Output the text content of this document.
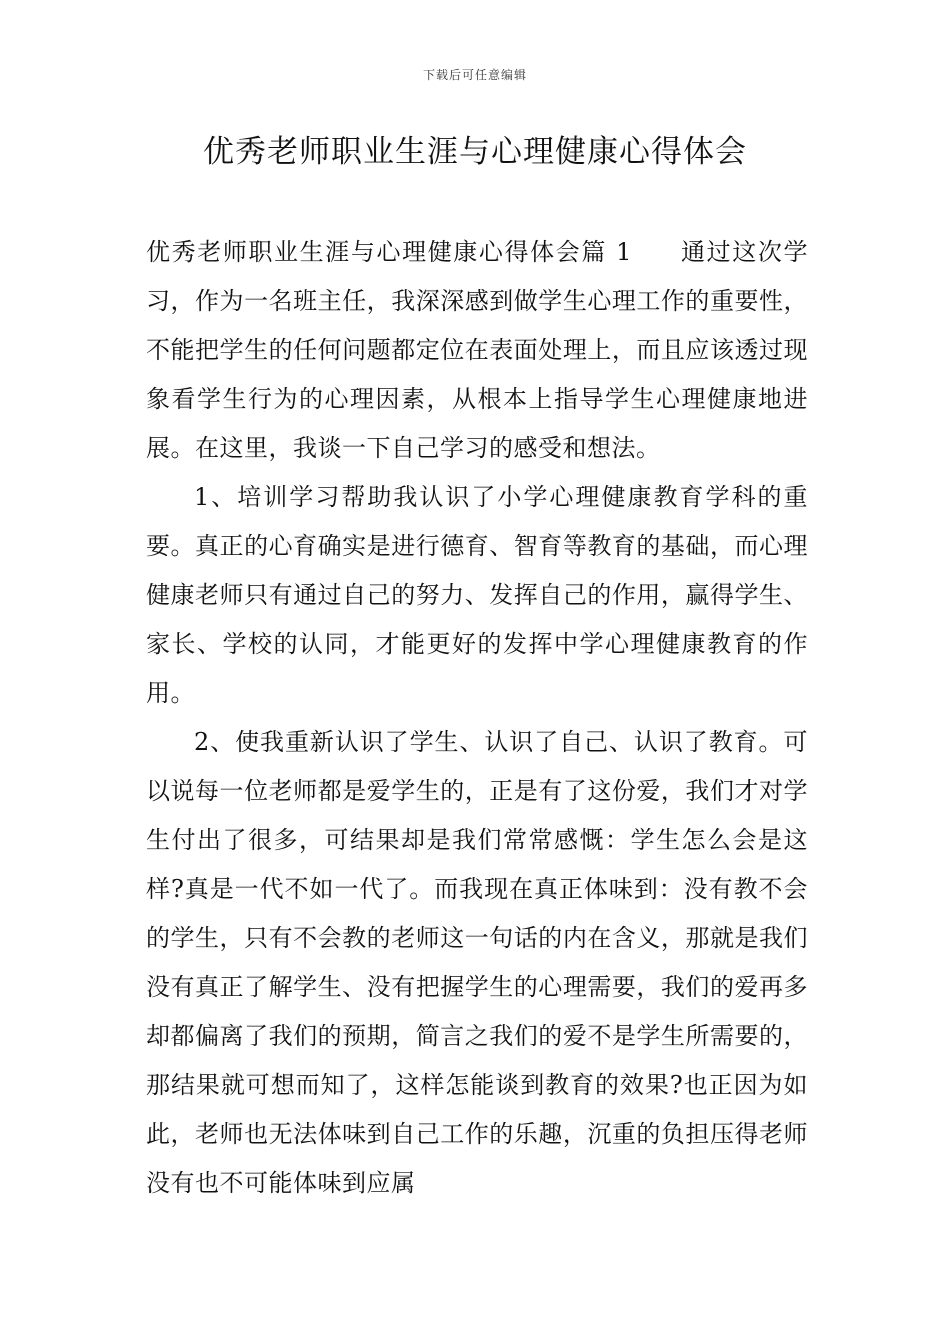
下载后可任意编辑
优秀老师职业生涯与心理健康心得体会

优秀老师职业生涯与心理健康心得体会篇 1 通过这次学习，作为一名班主任，我深深感到做学生心理工作的重要性，不能把学生的任何问题都定位在表面处理上，而且应该透过现象看学生行为的心理因素，从根本上指导学生心理健康地进展。在这里，我谈一下自己学习的感受和想法。

1、培训学习帮助我认识了小学心理健康教育学科的重要。真正的心育确实是进行德育、智育等教育的基础，而心理健康老师只有通过自己的努力、发挥自己的作用，赢得学生、家长、学校的认同，才能更好的发挥中学心理健康教育的作用。

2、使我重新认识了学生、认识了自己、认识了教育。可以说每一位老师都是爱学生的，正是有了这份爱，我们才对学生付出了很多，可结果却是我们常常感慨：学生怎么会是这样?真是一代不如一代了。而我现在真正体味到：没有教不会的学生，只有不会教的老师这一句话的内在含义，那就是我们没有真正了解学生、没有把握学生的心理需要，我们的爱再多却都偏离了我们的预期，简言之我们的爱不是学生所需要的，那结果就可想而知了，这样怎能谈到教育的效果?也正因为如此，老师也无法体味到自己工作的乐趣，沉重的负担压得老师没有也不可能体味到应属
